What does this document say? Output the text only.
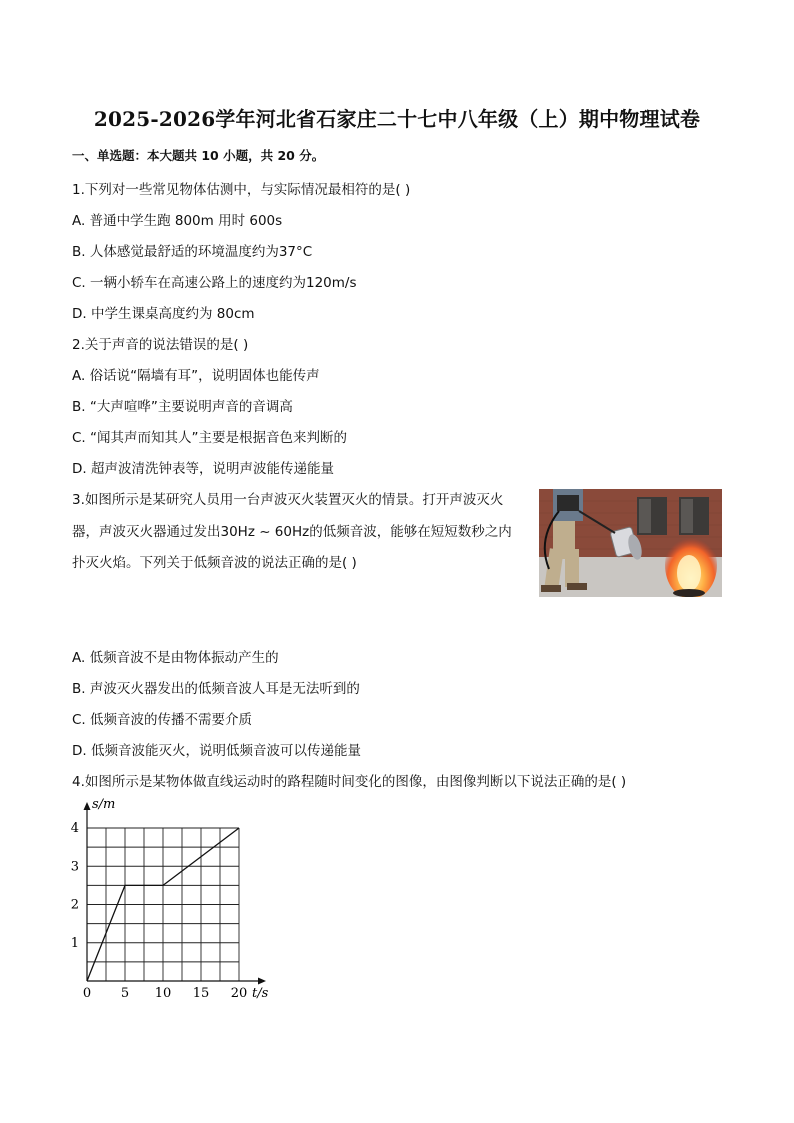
2025-2026学年河北省石家庄二十七中八年级（上）期中物理试卷
一、单选题：本大题共 10 小题，共 20 分。
1.下列对一些常见物体估测中，与实际情况最相符的是( )
A. 普通中学生跑 800m 用时 600s
B. 人体感觉最舒适的环境温度约为37°C
C. 一辆小轿车在高速公路上的速度约为120m/s
D. 中学生课桌高度约为 80cm
2.关于声音的说法错误的是( )
A. 俗话说“隔墙有耳”，说明固体也能传声
B. “大声喧哗”主要说明声音的音调高
C. “闻其声而知其人”主要是根据音色来判断的
D. 超声波清洗钟表等，说明声波能传递能量
3.如图所示是某研究人员用一台声波灭火装置灭火的情景。打开声波灭火
器，声波灭火器通过发出30Hz ~ 60Hz的低频音波，能够在短短数秒之内
扑灭火焰。下列关于低频音波的说法正确的是( )
A. 低频音波不是由物体振动产生的
B. 声波灭火器发出的低频音波人耳是无法听到的
C. 低频音波的传播不需要介质
D. 低频音波能灭火，说明低频音波可以传递能量
4.如图所示是某物体做直线运动时的路程随时间变化的图像，由图像判断以下说法正确的是( )
0 5 10 15 20
1
2
3
4
s/m
t/s
